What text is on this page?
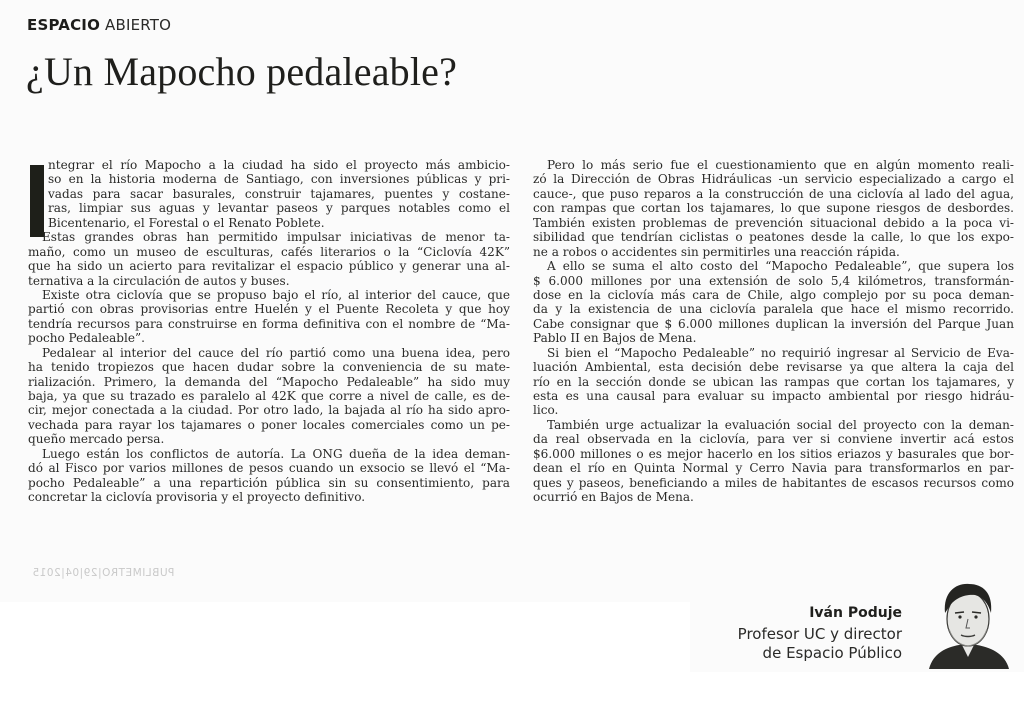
ESPACIO ABIERTO
¿Un Mapocho pedaleable?
ntegrar el río Mapocho a la ciudad ha sido el proyecto más ambicio-
so en la historia moderna de Santiago, con inversiones públicas y pri-
vadas para sacar basurales, construir tajamares, puentes y costane-
ras, limpiar sus aguas y levantar paseos y parques notables como el
Bicentenario, el Forestal o el Renato Poblete.
Estas grandes obras han permitido impulsar iniciativas de menor ta-
maño, como un museo de esculturas, cafés literarios o la “Ciclovía 42K”
que ha sido un acierto para revitalizar el espacio público y generar una al-
ternativa a la circulación de autos y buses.
Existe otra ciclovía que se propuso bajo el río, al interior del cauce, que
partió con obras provisorias entre Huelén y el Puente Recoleta y que hoy
tendría recursos para construirse en forma definitiva con el nombre de “Ma-
pocho Pedaleable”.
Pedalear al interior del cauce del río partió como una buena idea, pero
ha tenido tropiezos que hacen dudar sobre la conveniencia de su mate-
rialización. Primero, la demanda del “Mapocho Pedaleable” ha sido muy
baja, ya que su trazado es paralelo al 42K que corre a nivel de calle, es de-
cir, mejor conectada a la ciudad. Por otro lado, la bajada al río ha sido apro-
vechada para rayar los tajamares o poner locales comerciales como un pe-
queño mercado persa.
Luego están los conflictos de autoría. La ONG dueña de la idea deman-
dó al Fisco por varios millones de pesos cuando un exsocio se llevó el “Ma-
pocho Pedaleable” a una repartición pública sin su consentimiento, para
concretar la ciclovía provisoria y el proyecto definitivo.
Pero lo más serio fue el cuestionamiento que en algún momento reali-
zó la Dirección de Obras Hidráulicas -un servicio especializado a cargo el
cauce-, que puso reparos a la construcción de una ciclovía al lado del agua,
con rampas que cortan los tajamares, lo que supone riesgos de desbordes.
También existen problemas de prevención situacional debido a la poca vi-
sibilidad que tendrían ciclistas o peatones desde la calle, lo que los expo-
ne a robos o accidentes sin permitirles una reacción rápida.
A ello se suma el alto costo del “Mapocho Pedaleable”, que supera los
$ 6.000 millones por una extensión de solo 5,4 kilómetros, transformán-
dose en la ciclovía más cara de Chile, algo complejo por su poca deman-
da y la existencia de una ciclovía paralela que hace el mismo recorrido.
Cabe consignar que $ 6.000 millones duplican la inversión del Parque Juan
Pablo II en Bajos de Mena.
Si bien el “Mapocho Pedaleable” no requirió ingresar al Servicio de Eva-
luación Ambiental, esta decisión debe revisarse ya que altera la caja del
río en la sección donde se ubican las rampas que cortan los tajamares, y
esta es una causal para evaluar su impacto ambiental por riesgo hidráu-
lico.
También urge actualizar la evaluación social del proyecto con la deman-
da real observada en la ciclovía, para ver si conviene invertir acá estos
$6.000 millones o es mejor hacerlo en los sitios eriazos y basurales que bor-
dean el río en Quinta Normal y Cerro Navia para transformarlos en par-
ques y paseos, beneficiando a miles de habitantes de escasos recursos como
ocurrió en Bajos de Mena.
PUBLIMETRO|29|04|2015
Iván Poduje
Profesor UC y director
de Espacio Público
